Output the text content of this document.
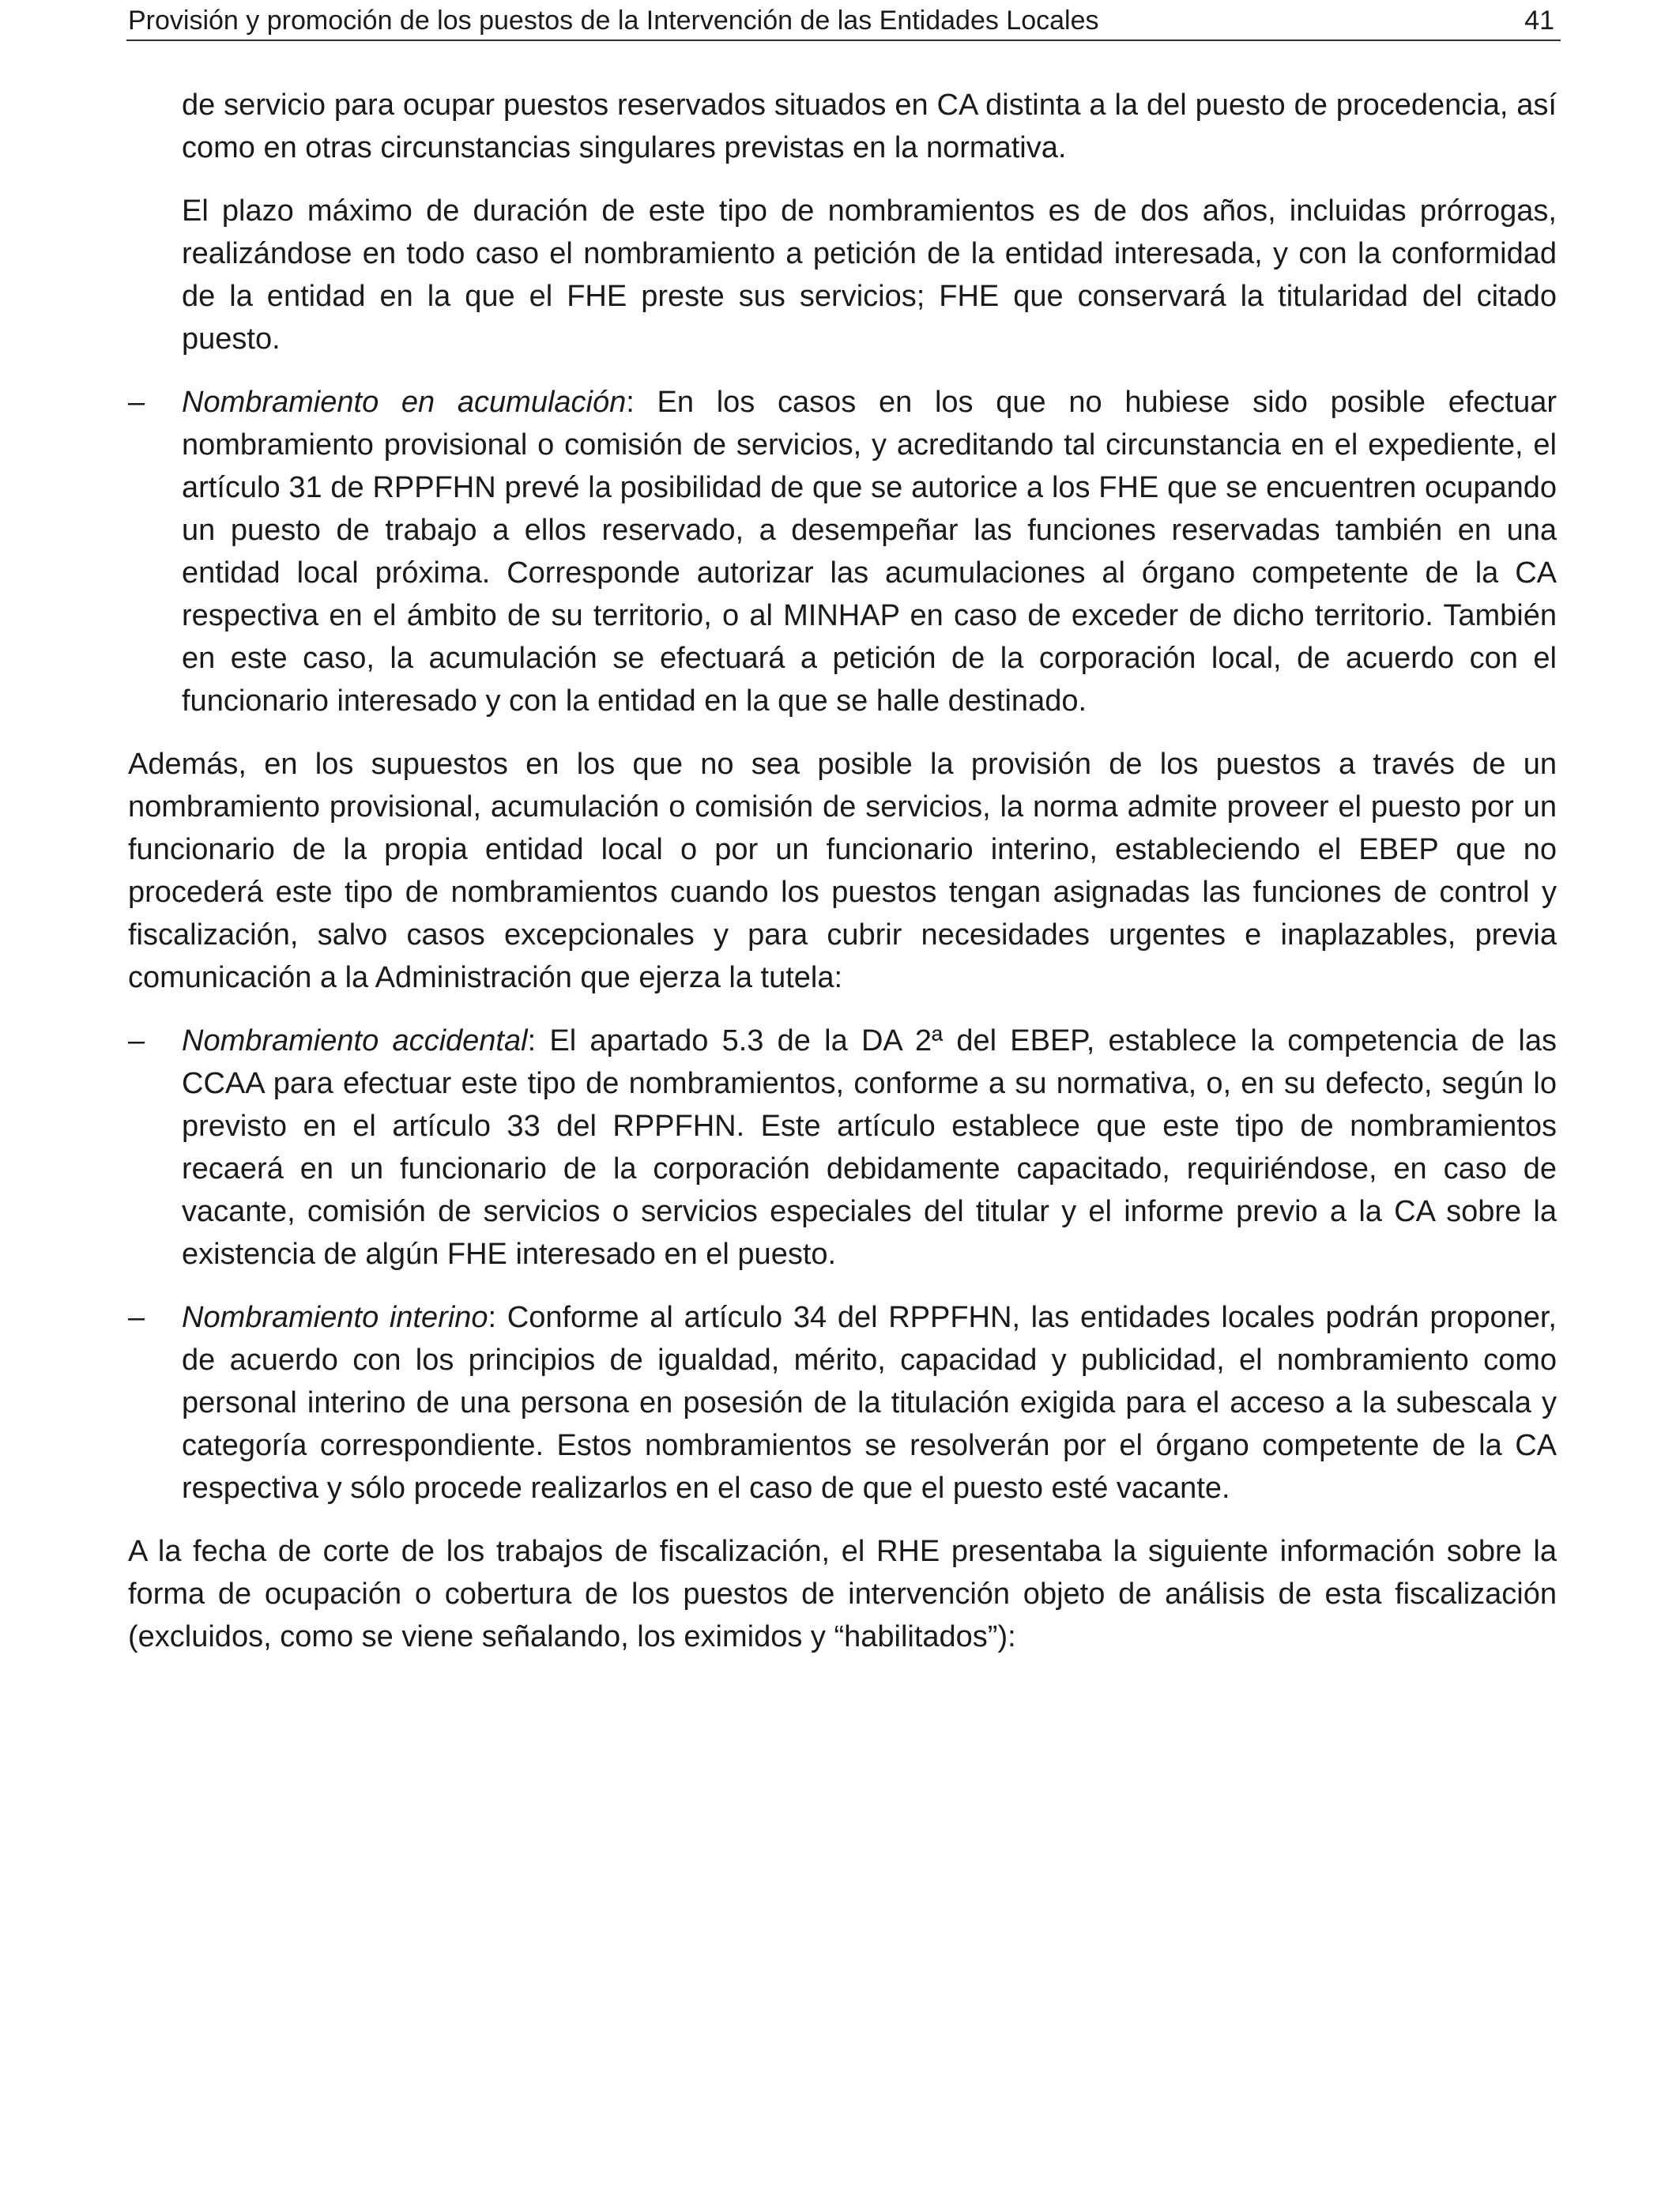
Provisión y promoción de los puestos de la Intervención de las Entidades Locales	41

de servicio para ocupar puestos reservados situados en CA distinta a la del puesto de procedencia, así como en otras circunstancias singulares previstas en la normativa.

El plazo máximo de duración de este tipo de nombramientos es de dos años, incluidas prórrogas, realizándose en todo caso el nombramiento a petición de la entidad interesada, y con la conformidad de la entidad en la que el FHE preste sus servicios; FHE que conservará la titularidad del citado puesto.

– Nombramiento en acumulación: En los casos en los que no hubiese sido posible efectuar nombramiento provisional o comisión de servicios, y acreditando tal circunstancia en el expediente, el artículo 31 de RPPFHN prevé la posibilidad de que se autorice a los FHE que se encuentren ocupando un puesto de trabajo a ellos reservado, a desempeñar las funciones reservadas también en una entidad local próxima. Corresponde autorizar las acumulaciones al órgano competente de la CA respectiva en el ámbito de su territorio, o al MINHAP en caso de exceder de dicho territorio. También en este caso, la acumulación se efectuará a petición de la corporación local, de acuerdo con el funcionario interesado y con la entidad en la que se halle destinado.

Además, en los supuestos en los que no sea posible la provisión de los puestos a través de un nombramiento provisional, acumulación o comisión de servicios, la norma admite proveer el puesto por un funcionario de la propia entidad local o por un funcionario interino, estableciendo el EBEP que no procederá este tipo de nombramientos cuando los puestos tengan asignadas las funciones de control y fiscalización, salvo casos excepcionales y para cubrir necesidades urgentes e inaplazables, previa comunicación a la Administración que ejerza la tutela:

– Nombramiento accidental: El apartado 5.3 de la DA 2ª del EBEP, establece la competencia de las CCAA para efectuar este tipo de nombramientos, conforme a su normativa, o, en su defecto, según lo previsto en el artículo 33 del RPPFHN. Este artículo establece que este tipo de nombramientos recaerá en un funcionario de la corporación debidamente capacitado, requiriéndose, en caso de vacante, comisión de servicios o servicios especiales del titular y el informe previo a la CA sobre la existencia de algún FHE interesado en el puesto.
– Nombramiento interino: Conforme al artículo 34 del RPPFHN, las entidades locales podrán proponer, de acuerdo con los principios de igualdad, mérito, capacidad y publicidad, el nombramiento como personal interino de una persona en posesión de la titulación exigida para el acceso a la subescala y categoría correspondiente. Estos nombramientos se resolverán por el órgano competente de la CA respectiva y sólo procede realizarlos en el caso de que el puesto esté vacante.

A la fecha de corte de los trabajos de fiscalización, el RHE presentaba la siguiente información sobre la forma de ocupación o cobertura de los puestos de intervención objeto de análisis de esta fiscalización (excluidos, como se viene señalando, los eximidos y “habilitados”):
